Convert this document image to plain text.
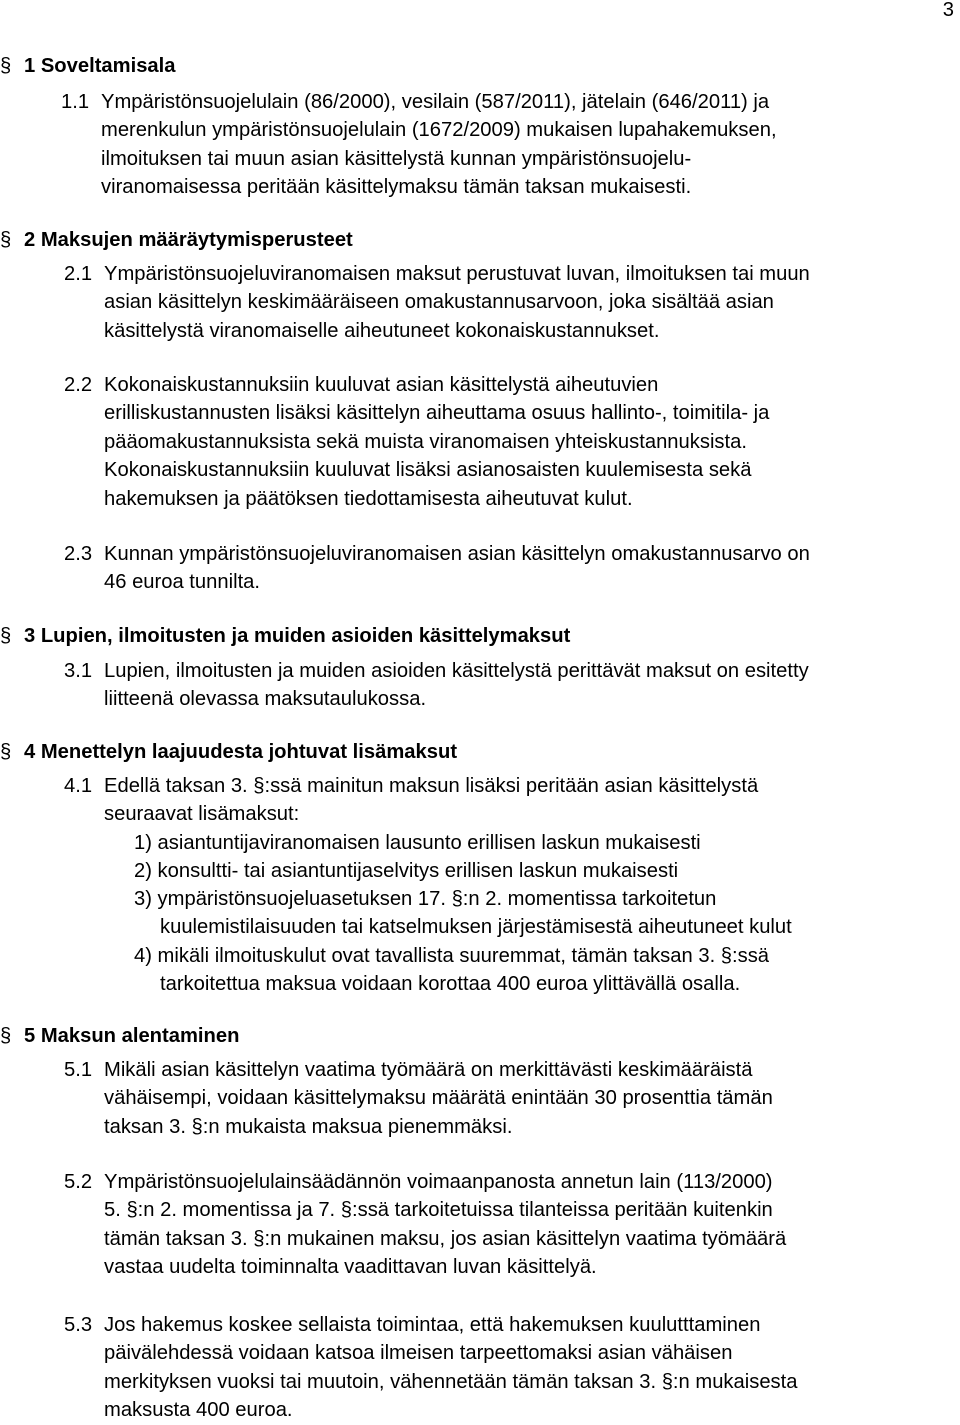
3
§ 1 Soveltamisala
1.1 Ympäristönsuojelulain (86/2000), vesilain (587/2011), jätelain (646/2011) ja
merenkulun ympäristönsuojelulain (1672/2009) mukaisen lupahakemuksen,
ilmoituksen tai muun asian käsittelystä kunnan ympäristönsuojelu-
viranomaisessa peritään käsittelymaksu tämän taksan mukaisesti.
§ 2 Maksujen määräytymisperusteet
2.1 Ympäristönsuojeluviranomaisen maksut perustuvat luvan, ilmoituksen tai muun
asian käsittelyn keskimääräiseen omakustannusarvoon, joka sisältää asian
käsittelystä viranomaiselle aiheutuneet kokonaiskustannukset.
2.2 Kokonaiskustannuksiin kuuluvat asian käsittelystä aiheutuvien
erilliskustannusten lisäksi käsittelyn aiheuttama osuus hallinto-, toimitila- ja
pääomakustannuksista sekä muista viranomaisen yhteiskustannuksista.
Kokonaiskustannuksiin kuuluvat lisäksi asianosaisten kuulemisesta sekä
hakemuksen ja päätöksen tiedottamisesta aiheutuvat kulut.
2.3 Kunnan ympäristönsuojeluviranomaisen asian käsittelyn omakustannusarvo on
46 euroa tunnilta.
§ 3 Lupien, ilmoitusten ja muiden asioiden käsittelymaksut
3.1 Lupien, ilmoitusten ja muiden asioiden käsittelystä perittävät maksut on esitetty
liitteenä olevassa maksutaulukossa.
§ 4 Menettelyn laajuudesta johtuvat lisämaksut
4.1 Edellä taksan 3. §:ssä mainitun maksun lisäksi peritään asian käsittelystä
seuraavat lisämaksut:
1) asiantuntijaviranomaisen lausunto erillisen laskun mukaisesti
2) konsultti- tai asiantuntijaselvitys erillisen laskun mukaisesti
3) ympäristönsuojeluasetuksen 17. §:n 2. momentissa tarkoitetun
kuulemistilaisuuden tai katselmuksen järjestämisestä aiheutuneet kulut
4) mikäli ilmoituskulut ovat tavallista suuremmat, tämän taksan 3. §:ssä
tarkoitettua maksua voidaan korottaa 400 euroa ylittävällä osalla.
§ 5 Maksun alentaminen
5.1 Mikäli asian käsittelyn vaatima työmäärä on merkittävästi keskimääräistä
vähäisempi, voidaan käsittelymaksu määrätä enintään 30 prosenttia tämän
taksan 3. §:n mukaista maksua pienemmäksi.
5.2 Ympäristönsuojelulainsäädännön voimaanpanosta annetun lain (113/2000)
5. §:n 2. momentissa ja 7. §:ssä tarkoitetuissa tilanteissa peritään kuitenkin
tämän taksan 3. §:n mukainen maksu, jos asian käsittelyn vaatima työmäärä
vastaa uudelta toiminnalta vaadittavan luvan käsittelyä.
5.3 Jos hakemus koskee sellaista toimintaa, että hakemuksen kuulutttaminen
päivälehdessä voidaan katsoa ilmeisen tarpeettomaksi asian vähäisen
merkityksen vuoksi tai muutoin, vähennetään tämän taksan 3. §:n mukaisesta
maksusta 400 euroa.
